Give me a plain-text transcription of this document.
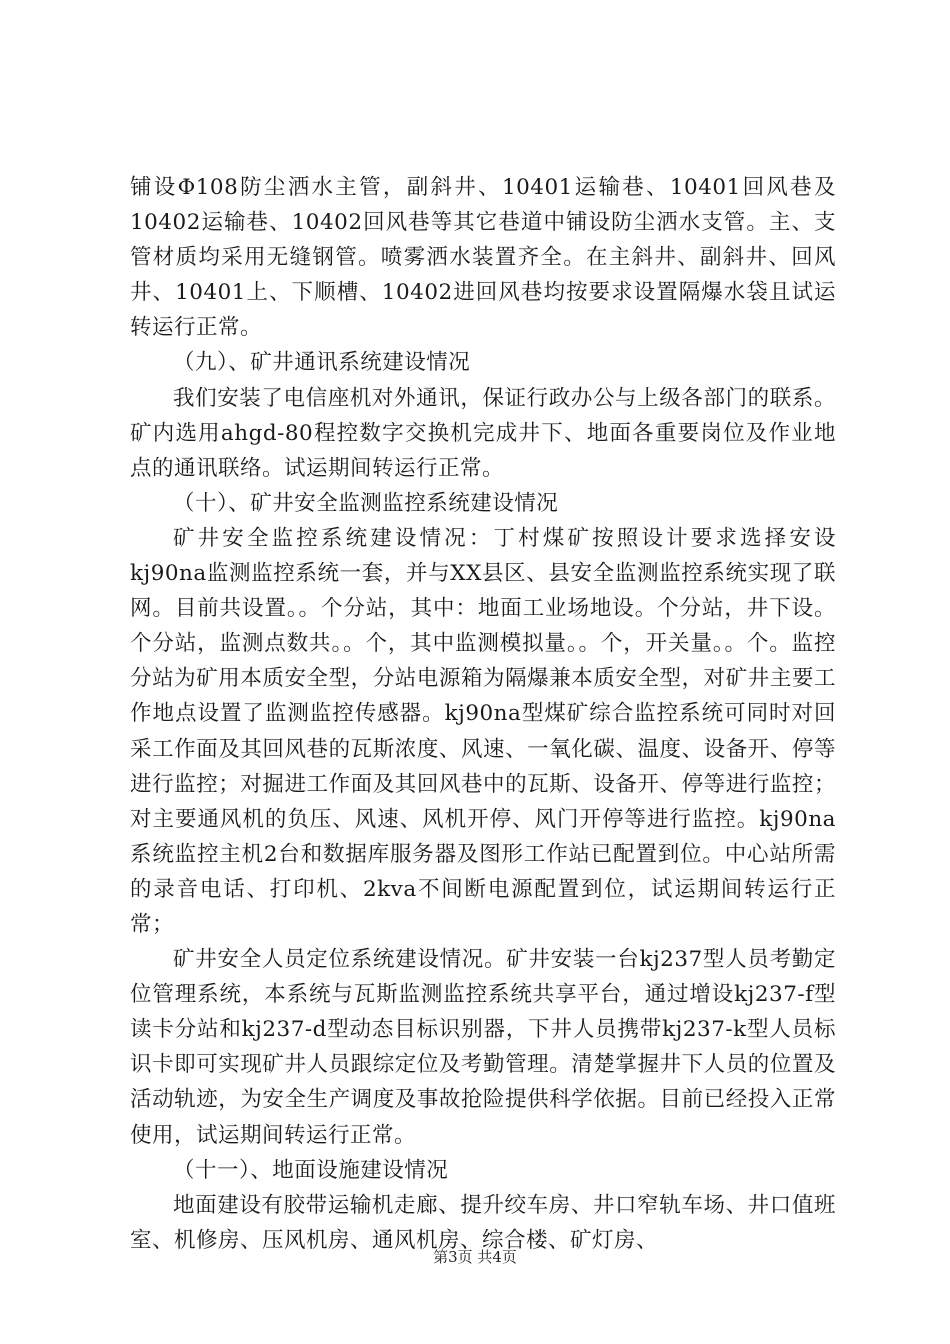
铺设Φ108防尘洒水主管，副斜井、10401运输巷、10401回风巷及10402运输巷、10402回风巷等其它巷道中铺设防尘洒水支管。主、支管材质均采用无缝钢管。喷雾洒水装置齐全。在主斜井、副斜井、回风井、10401上、下顺槽、10402进回风巷均按要求设置隔爆水袋且试运转运行正常。

（九）、矿井通讯系统建设情况

我们安装了电信座机对外通讯，保证行政办公与上级各部门的联系。矿内选用ahgd-80程控数字交换机完成井下、地面各重要岗位及作业地点的通讯联络。试运期间转运行正常。

（十）、矿井安全监测监控系统建设情况

矿井安全监控系统建设情况：丁村煤矿按照设计要求选择安设kj90na监测监控系统一套，并与XX县区、县安全监测监控系统实现了联网。目前共设置。。个分站，其中：地面工业场地设。个分站，井下设。个分站，监测点数共。。个，其中监测模拟量。。个，开关量。。个。监控分站为矿用本质安全型，分站电源箱为隔爆兼本质安全型，对矿井主要工作地点设置了监测监控传感器。kj90na型煤矿综合监控系统可同时对回采工作面及其回风巷的瓦斯浓度、风速、一氧化碳、温度、设备开、停等进行监控；对掘进工作面及其回风巷中的瓦斯、设备开、停等进行监控；对主要通风机的负压、风速、风机开停、风门开停等进行监控。kj90na系统监控主机2台和数据库服务器及图形工作站已配置到位。中心站所需的录音电话、打印机、2kva不间断电源配置到位，试运期间转运行正常；

矿井安全人员定位系统建设情况。矿井安装一台kj237型人员考勤定位管理系统，本系统与瓦斯监测监控系统共享平台，通过增设kj237-f型读卡分站和kj237-d型动态目标识别器，下井人员携带kj237-k型人员标识卡即可实现矿井人员跟综定位及考勤管理。清楚掌握井下人员的位置及活动轨迹，为安全生产调度及事故抢险提供科学依据。目前已经投入正常使用，试运期间转运行正常。

（十一）、地面设施建设情况

地面建设有胶带运输机走廊、提升绞车房、井口窄轨车场、井口值班室、机修房、压风机房、通风机房、综合楼、矿灯房、

第3页 共4页
